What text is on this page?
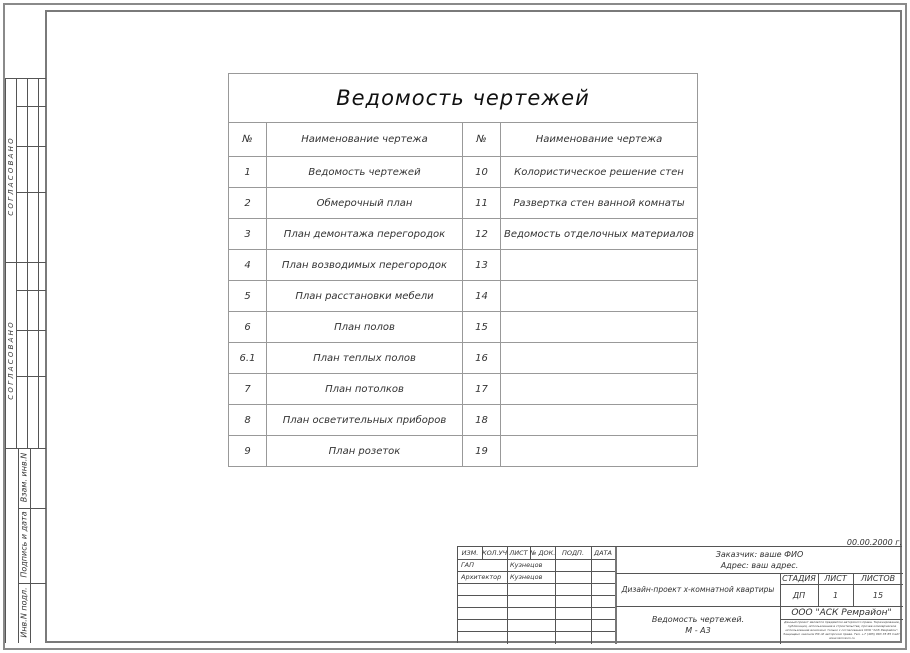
С О Г Л А С О В А Н О
С О Г Л А С О В А Н О
Взам. инв.N
Подпись и дата
Инв.N подл.
Ведомость чертежей
№	Наименование чертежа	№	Наименование чертежа
1	Ведомость чертежей	10	Колористическое решение стен
2	Обмерочный план	11	Развертка стен ванной комнаты
3	План демонтажа перегородок	12	Ведомость отделочных материалов
4	План возводимых перегородок	13
5	План расстановки мебели	14
6	План полов	15
6.1	План теплых полов	16
7	План потолков	17
8	План осветительных приборов	18
9	План розеток	19
00.00.2000 г.
ИЗМ. КОЛ.УЧ ЛИСТ № ДОК.	ПОДП.	ДАТА
ГАП	Кузнецов
Архитектор	Кузнецов
Заказчик: ваше ФИО
Адрес: ваш адрес.
Дизайн-проект x-комнатной квартиры
СТАДИЯ	ЛИСТ	ЛИСТОВ
ДП	1	15
Ведомость чертежей.
М - А3
ООО "АСК Ремрайон"
Данный проект является предметом авторского права. Тиражирование, публикация, использование в строительстве, прочее коммерческое использование возможно только с согласования ООО "АСК Ремрайон". Защищено законом РФ об авторском праве. Тел. +7 (495) 663 35 85 Сайт: www.remraion.ru
